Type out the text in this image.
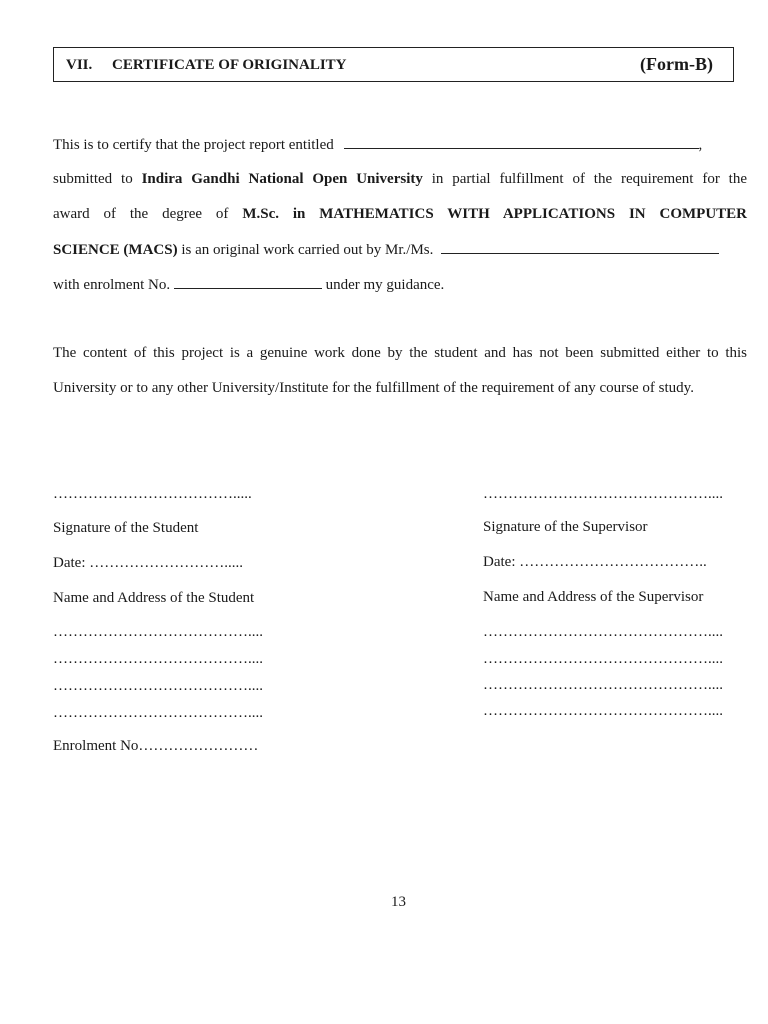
VII. CERTIFICATE OF ORIGINALITY	(Form-B)
This is to certify that the project report entitled	,
submitted to Indira Gandhi National Open University in partial fulfillment of the requirement for the
award of the degree of M.Sc. in MATHEMATICS WITH APPLICATIONS IN COMPUTER
SCIENCE (MACS) is an original work carried out by Mr./Ms.
with enrolment No.	under my guidance.
The content of this project is a genuine work done by the student and has not been submitted either to this
University or to any other University/Institute for the fulfillment of the requirement of any course of study.
……………………………….....
Signature of the Student
Date: ……………………….....
Name and Address of the Student
…………………………………....
…………………………………....
…………………………………....
…………………………………....
Enrolment No……………………
………………………………………....
Signature of the Supervisor
Date: ………………………………..
Name and Address of the Supervisor
………………………………………....
………………………………………....
………………………………………....
………………………………………....
13
